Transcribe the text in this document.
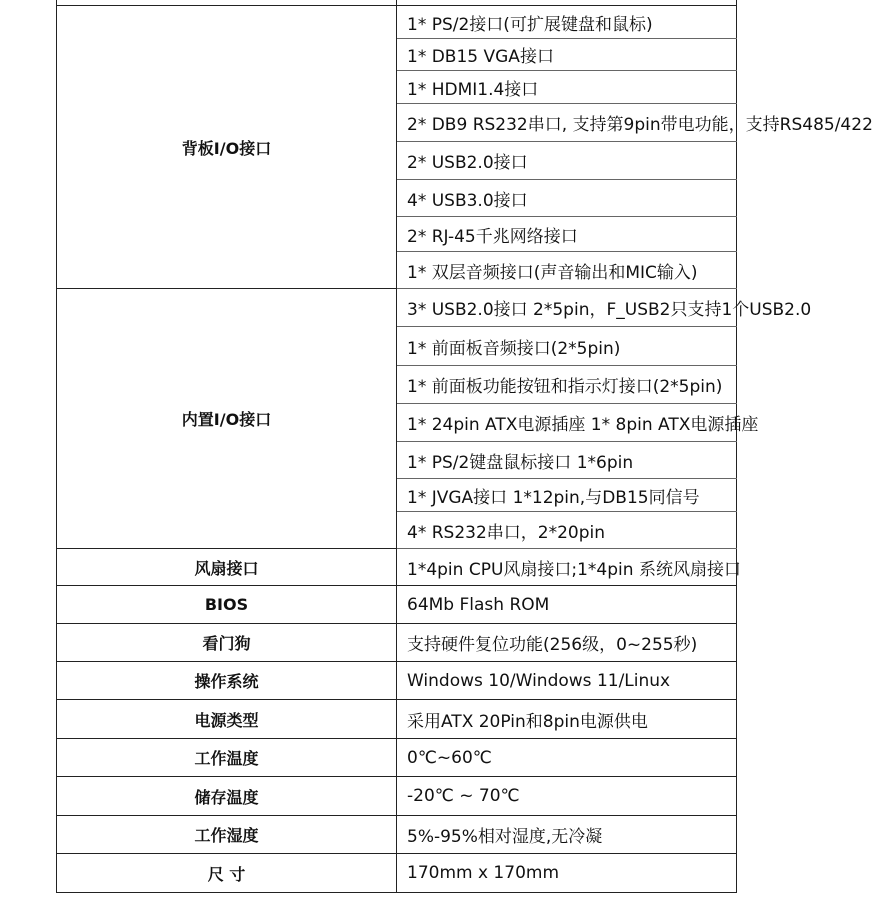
背板I/O接口	1* PS/2接口(可扩展键盘和鼠标)
	1* DB15 VGA接口
	1* HDMI1.4接口
	2* DB9 RS232串口, 支持第9pin带电功能，支持RS485/422
	2* USB2.0接口
	4* USB3.0接口
	2* RJ-45千兆网络接口
	1* 双层音频接口(声音输出和MIC输入)
内置I/O接口	3* USB2.0接口 2*5pin，F_USB2只支持1个USB2.0
	1* 前面板音频接口(2*5pin)
	1* 前面板功能按钮和指示灯接口(2*5pin)
	1* 24pin ATX电源插座 1* 8pin ATX电源插座
	1* PS/2键盘鼠标接口 1*6pin
	1* JVGA接口 1*12pin,与DB15同信号
	4* RS232串口，2*20pin
风扇接口	1*4pin CPU风扇接口;1*4pin 系统风扇接口
BIOS	64Mb Flash ROM
看门狗	支持硬件复位功能(256级，0~255秒)
操作系统	Windows 10/Windows 11/Linux
电源类型	采用ATX 20Pin和8pin电源供电
工作温度	0℃~60℃
储存温度	-20℃ ~ 70℃
工作湿度	5%-95%相对湿度,无冷凝
尺 寸	170mm x 170mm
